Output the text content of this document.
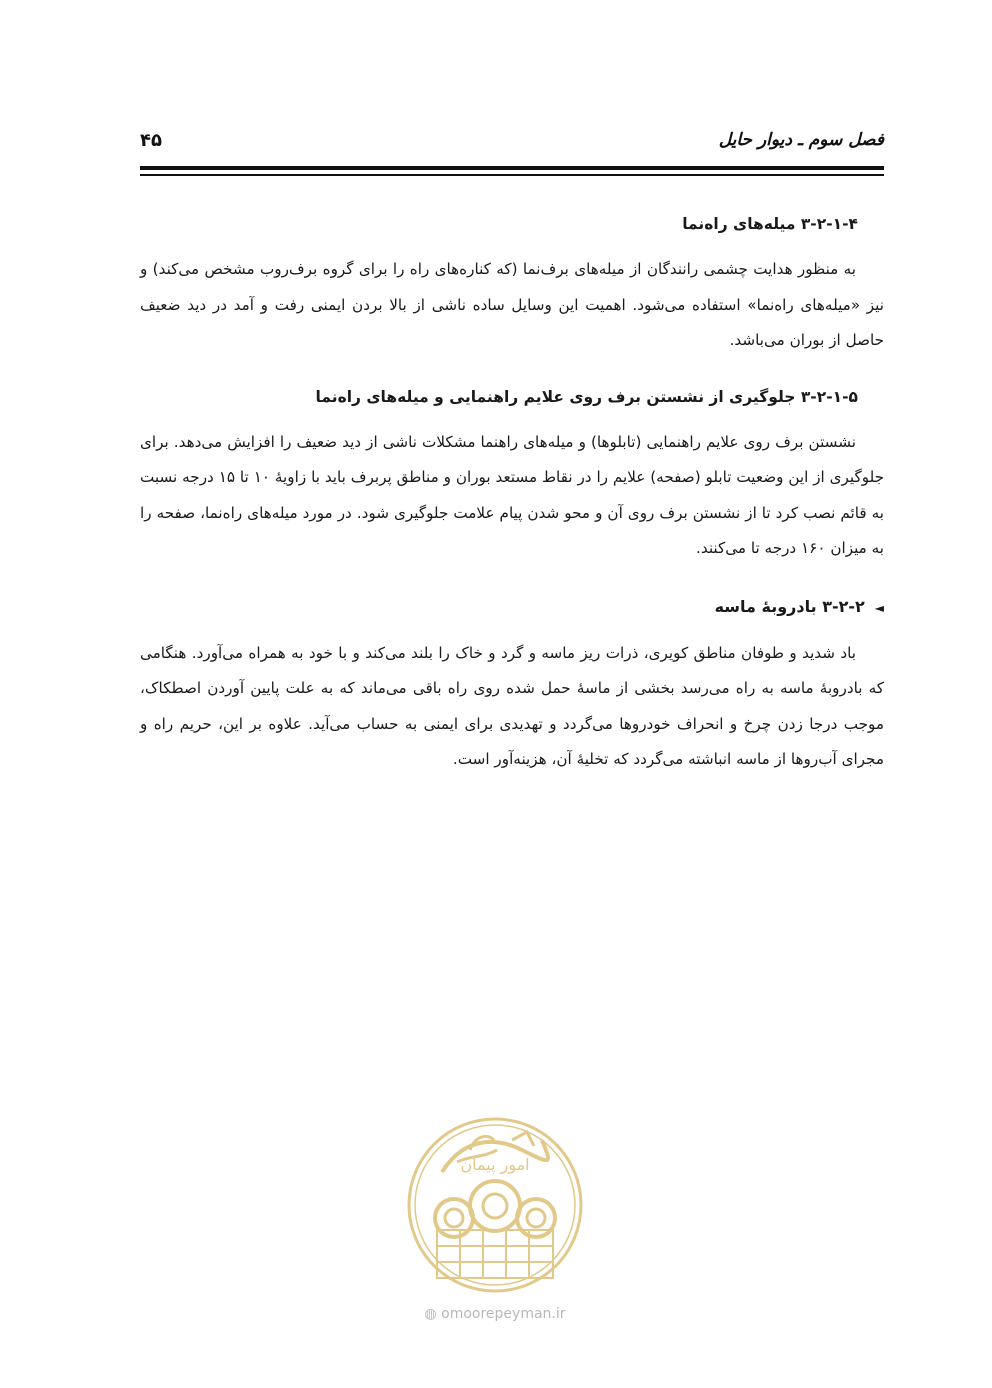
فصل سوم ـ دیوار حایل
۴۵
۳-۲-۱-۴ میله‌های راه‌نما

به منظور هدایت چشمی رانندگان از میله‌های برف‌نما (که کناره‌های راه را برای گروه برف‌روب مشخص می‌کند) و نیز «میله‌های راه‌نما» استفاده می‌شود. اهمیت این وسایل ساده ناشی از بالا بردن ایمنی رفت و آمد در دید ضعیف حاصل از بوران می‌باشد.

۳-۲-۱-۵ جلوگیری از نشستن برف روی علایم راهنمایی و میله‌های راه‌نما

نشستن برف روی علایم راهنمایی (تابلوها) و میله‌های راهنما مشکلات ناشی از دید ضعیف را افزایش می‌دهد. برای جلوگیری از این وضعیت تابلو (صفحه) علایم را در نقاط مستعد بوران و مناطق پربرف باید با زاویهٔ ۱۰ تا ۱۵ درجه نسبت به قائم نصب کرد تا از نشستن برف روی آن و محو شدن پیام علامت جلوگیری شود. در مورد میله‌های راه‌نما، صفحه را به میزان ۱۶۰ درجه تا می‌کنند.

◄۳-۲-۲ بادروبهٔ ماسه

باد شدید و طوفان مناطق کویری، ذرات ریز ماسه و گرد و خاک را بلند می‌کند و با خود به همراه می‌آورد. هنگامی که بادروبهٔ ماسه به راه می‌رسد بخشی از ماسهٔ حمل شده روی راه باقی می‌ماند که به علت پایین آوردن اصطکاک، موجب درجا زدن چرخ و انحراف خودروها می‌گردد و تهدیدی برای ایمنی به حساب می‌آید. علاوه بر این، حریم راه و مجرای آب‌روها از ماسه انباشته می‌گردد که تخلیهٔ آن، هزینه‌آور است.

امور پیمان
◍ omoorepeyman.ir
